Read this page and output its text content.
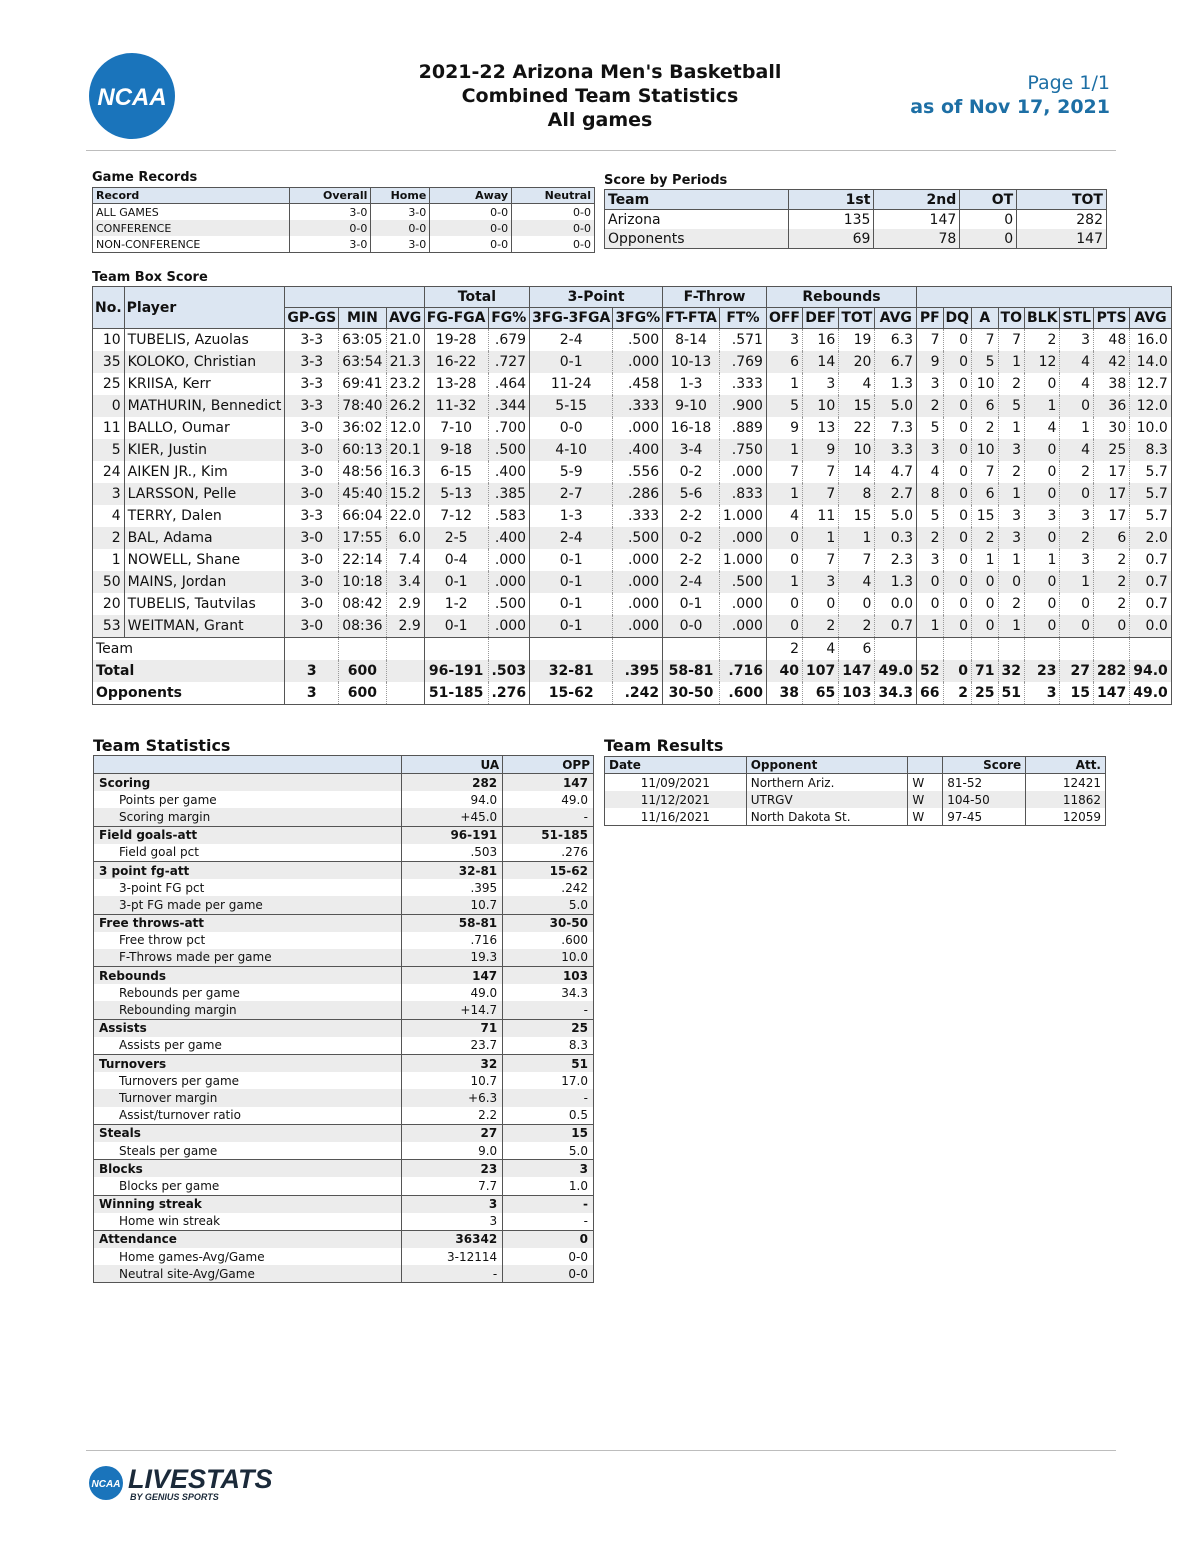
NCAA
2021-22 Arizona Men's Basketball
Combined Team Statistics
All games
Page 1/1
as of Nov 17, 2021
Game Records
Record	Overall	Home	Away	Neutral
ALL GAMES	3-0	3-0	0-0	0-0
CONFERENCE	0-0	0-0	0-0	0-0
NON-CONFERENCE	3-0	3-0	0-0	0-0
Score by Periods
Team	1st	2nd	OT	TOT
Arizona	135	147	0	282
Opponents	69	78	0	147
Team Box Score
No.	Player				Total		3-Point		F-Throw		Rebounds											
		GP-GS	MIN	AVG	FG-FGA	FG%	3FG-3FGA	3FG%	FT-FTA	FT%	OFF	DEF	TOT	AVG	PF	DQ	A	TO	BLK	STL	PTS	AVG
10	TUBELIS, Azuolas	3-3	63:05	21.0	19-28	.679	2-4	.500	8-14	.571	3	16	19	6.3	7	0	7	7	2	3	48	16.0
35	KOLOKO, Christian	3-3	63:54	21.3	16-22	.727	0-1	.000	10-13	.769	6	14	20	6.7	9	0	5	1	12	4	42	14.0
25	KRIISA, Kerr	3-3	69:41	23.2	13-28	.464	11-24	.458	1-3	.333	1	3	4	1.3	3	0	10	2	0	4	38	12.7
0	MATHURIN, Bennedict	3-3	78:40	26.2	11-32	.344	5-15	.333	9-10	.900	5	10	15	5.0	2	0	6	5	1	0	36	12.0
11	BALLO, Oumar	3-0	36:02	12.0	7-10	.700	0-0	.000	16-18	.889	9	13	22	7.3	5	0	2	1	4	1	30	10.0
5	KIER, Justin	3-0	60:13	20.1	9-18	.500	4-10	.400	3-4	.750	1	9	10	3.3	3	0	10	3	0	4	25	8.3
24	AIKEN JR., Kim	3-0	48:56	16.3	6-15	.400	5-9	.556	0-2	.000	7	7	14	4.7	4	0	7	2	0	2	17	5.7
3	LARSSON, Pelle	3-0	45:40	15.2	5-13	.385	2-7	.286	5-6	.833	1	7	8	2.7	8	0	6	1	0	0	17	5.7
4	TERRY, Dalen	3-3	66:04	22.0	7-12	.583	1-3	.333	2-2	1.000	4	11	15	5.0	5	0	15	3	3	3	17	5.7
2	BAL, Adama	3-0	17:55	6.0	2-5	.400	2-4	.500	0-2	.000	0	1	1	0.3	2	0	2	3	0	2	6	2.0
1	NOWELL, Shane	3-0	22:14	7.4	0-4	.000	0-1	.000	2-2	1.000	0	7	7	2.3	3	0	1	1	1	3	2	0.7
50	MAINS, Jordan	3-0	10:18	3.4	0-1	.000	0-1	.000	2-4	.500	1	3	4	1.3	0	0	0	0	0	1	2	0.7
20	TUBELIS, Tautvilas	3-0	08:42	2.9	1-2	.500	0-1	.000	0-1	.000	0	0	0	0.0	0	0	0	2	0	0	2	0.7
53	WEITMAN, Grant	3-0	08:36	2.9	0-1	.000	0-1	.000	0-0	.000	0	2	2	0.7	1	0	0	1	0	0	0	0.0
Team											2	4	6									
Total		3	600		96-191	.503	32-81	.395	58-81	.716	40	107	147	49.0	52	0	71	32	23	27	282	94.0
Opponents		3	600		51-185	.276	15-62	.242	30-50	.600	38	65	103	34.3	66	2	25	51	3	15	147	49.0
Team Statistics
	UA	OPP
Scoring	282	147
Points per game	94.0	49.0
Scoring margin	+45.0	-
Field goals-att	96-191	51-185
Field goal pct	.503	.276
3 point fg-att	32-81	15-62
3-point FG pct	.395	.242
3-pt FG made per game	10.7	5.0
Free throws-att	58-81	30-50
Free throw pct	.716	.600
F-Throws made per game	19.3	10.0
Rebounds	147	103
Rebounds per game	49.0	34.3
Rebounding margin	+14.7	-
Assists	71	25
Assists per game	23.7	8.3
Turnovers	32	51
Turnovers per game	10.7	17.0
Turnover margin	+6.3	-
Assist/turnover ratio	2.2	0.5
Steals	27	15
Steals per game	9.0	5.0
Blocks	23	3
Blocks per game	7.7	1.0
Winning streak	3	-
Home win streak	3	-
Attendance	36342	0
Home games-Avg/Game	3-12114	0-0
Neutral site-Avg/Game	-	0-0
Team Results
Date	Opponent		Score	Att.
11/09/2021	Northern Ariz.	W	81-52	12421
11/12/2021	UTRGV	W	104-50	11862
11/16/2021	North Dakota St.	W	97-45	12059
NCAA LIVESTATS
BY GENIUS SPORTS
